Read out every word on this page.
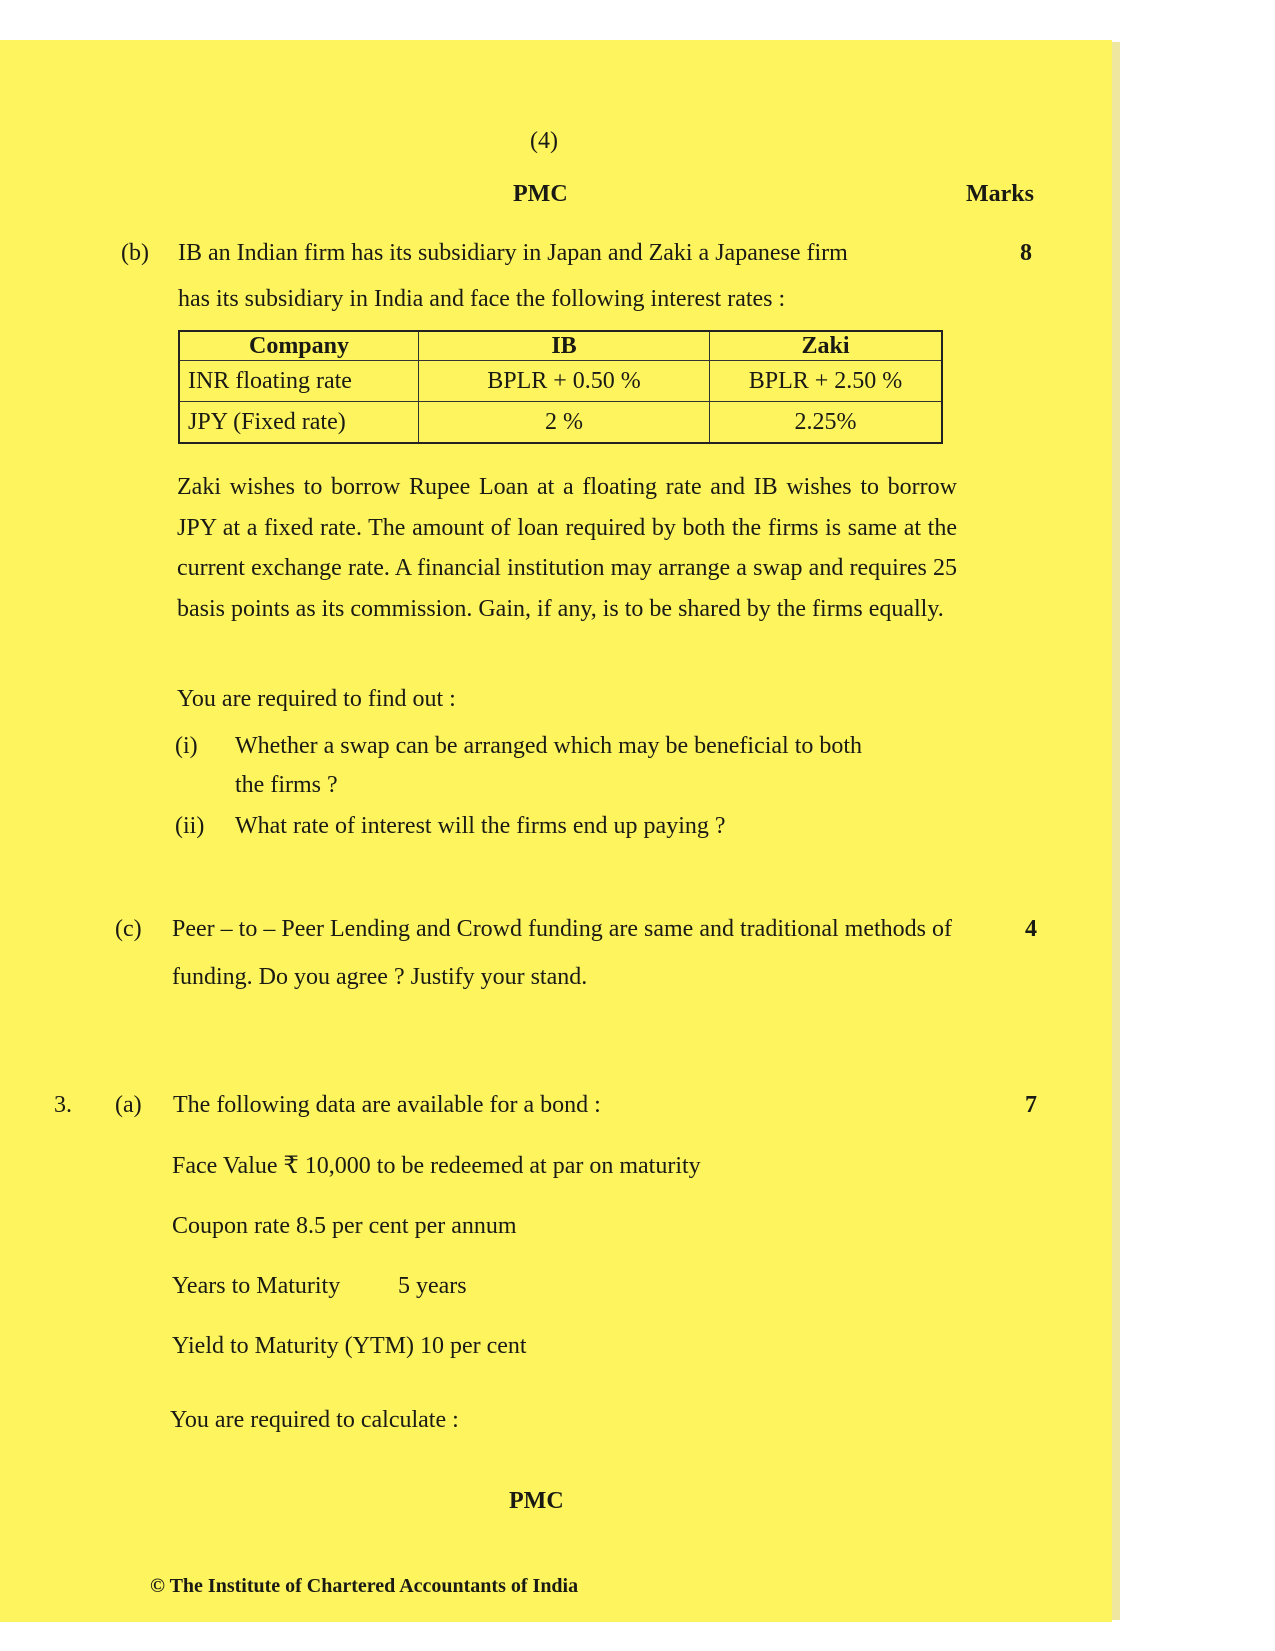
(4)
PMC	Marks
(b) IB an Indian firm has its subsidiary in Japan and Zaki a Japanese firm	8
has its subsidiary in India and face the following interest rates :
Company	IB	Zaki
INR floating rate	BPLR + 0.50 %	BPLR + 2.50 %
JPY (Fixed rate)	2 %	2.25%
Zaki wishes to borrow Rupee Loan at a floating rate and IB wishes to borrow JPY at a fixed rate. The amount of loan required by both the firms is same at the current exchange rate. A financial institution may arrange a swap and requires 25 basis points as its commission. Gain, if any, is to be shared by the firms equally.
You are required to find out :
(i) Whether a swap can be arranged which may be beneficial to both
the firms ?
(ii) What rate of interest will the firms end up paying ?
(c) Peer – to – Peer Lending and Crowd funding are same and traditional methods of funding. Do you agree ? Justify your stand.
4
3. (a) The following data are available for a bond :	7
Face Value ₹ 10,000 to be redeemed at par on maturity
Coupon rate 8.5 per cent per annum
Years to Maturity 5 years
Yield to Maturity (YTM) 10 per cent
You are required to calculate :
PMC
© The Institute of Chartered Accountants of India
